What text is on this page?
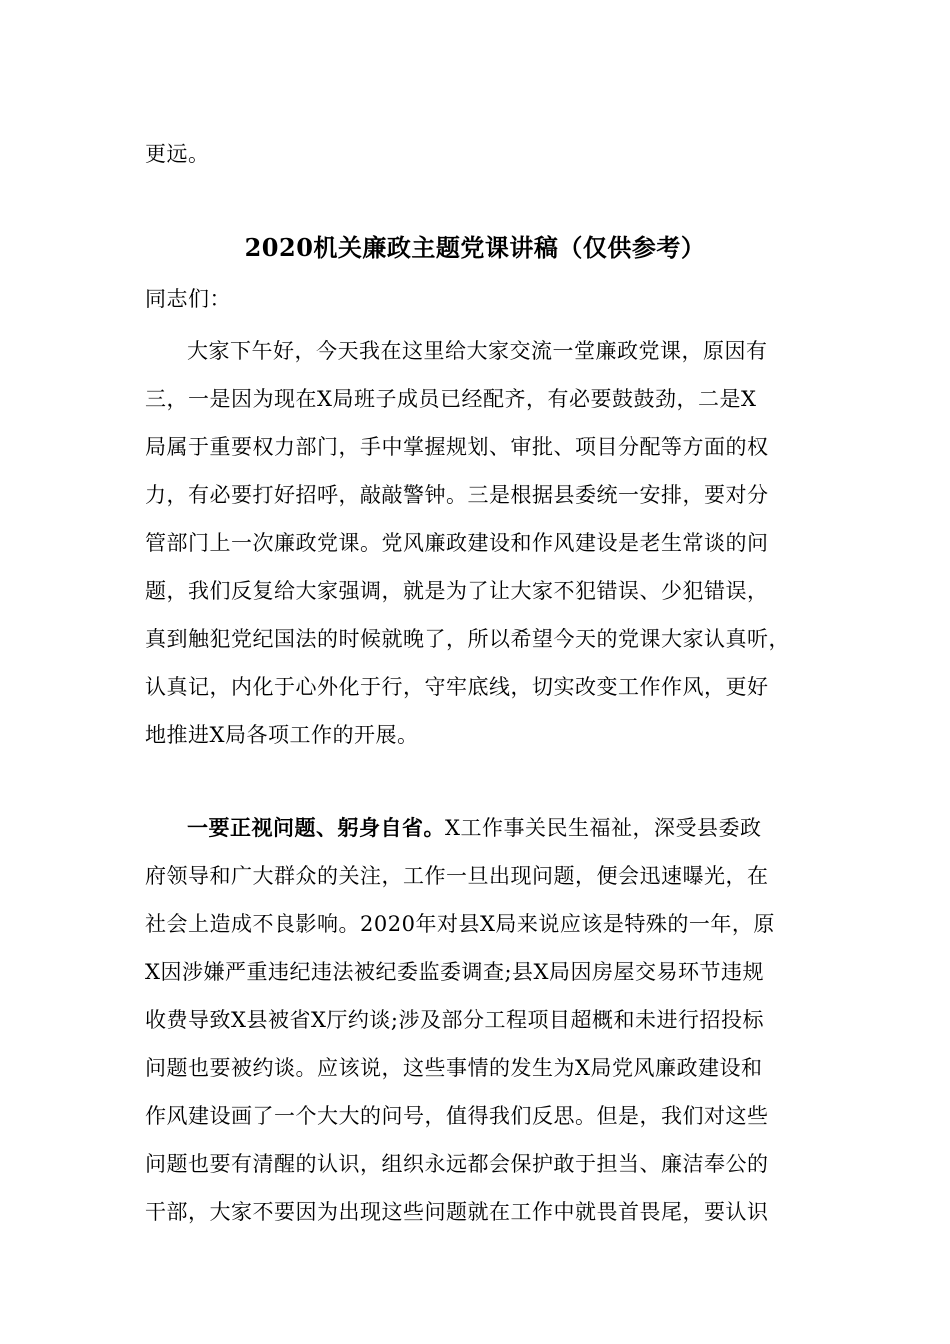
更远。
2020机关廉政主题党课讲稿（仅供参考）
同志们：
大家下午好，今天我在这里给大家交流一堂廉政党课，原因有
三，一是因为现在X局班子成员已经配齐，有必要鼓鼓劲，二是X
局属于重要权力部门，手中掌握规划、审批、项目分配等方面的权
力，有必要打好招呼，敲敲警钟。三是根据县委统一安排，要对分
管部门上一次廉政党课。党风廉政建设和作风建设是老生常谈的问
题，我们反复给大家强调，就是为了让大家不犯错误、少犯错误，
真到触犯党纪国法的时候就晚了，所以希望今天的党课大家认真听，
认真记，内化于心外化于行，守牢底线，切实改变工作作风，更好
地推进X局各项工作的开展。
一要正视问题、躬身自省。X工作事关民生福祉，深受县委政
府领导和广大群众的关注，工作一旦出现问题，便会迅速曝光，在
社会上造成不良影响。2020年对县X局来说应该是特殊的一年，原
X因涉嫌严重违纪违法被纪委监委调查;县X局因房屋交易环节违规
收费导致X县被省X厅约谈;涉及部分工程项目超概和未进行招投标
问题也要被约谈。应该说，这些事情的发生为X局党风廉政建设和
作风建设画了一个大大的问号，值得我们反思。但是，我们对这些
问题也要有清醒的认识，组织永远都会保护敢于担当、廉洁奉公的
干部，大家不要因为出现这些问题就在工作中就畏首畏尾，要认识
